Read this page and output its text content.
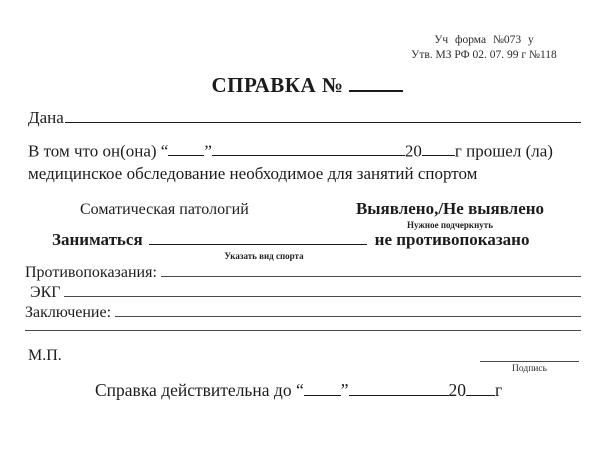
Уч форма №073 у
Утв. МЗ РФ 02. 07. 99 г №118
СПРАВКА №
Дана
В том что он(она) “ ”	20 г прошел (ла)
медицинское обследование необходимое для занятий спортом
Соматическая патологий	Выявлено,/Не выявлено
Нужное подчеркнуть
Заниматься	не противопоказано
Указать вид спорта
Противопоказания:
ЭКГ
Заключение:
М.П.
Подпись
Справка действительна до “ ”	20 г
